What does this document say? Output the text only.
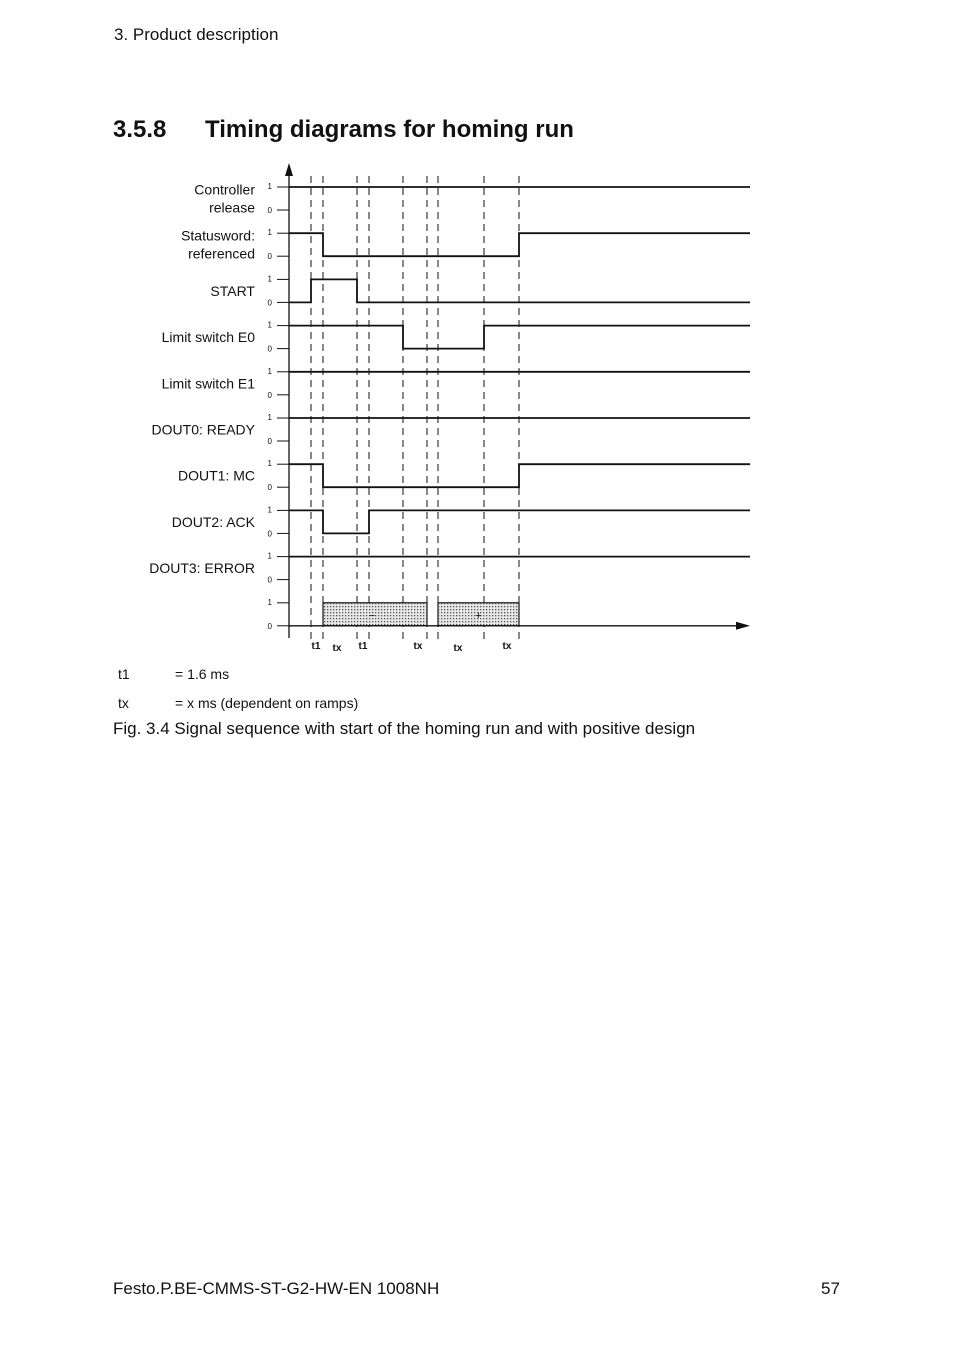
3. Product description
3.5.8 Timing diagrams for homing run
Controller
release
1
0
Statusword:
referenced
1
0
START
1
0
Limit switch E0
1
0
Limit switch E1
1
0
DOUT0: READY
1
0
DOUT1: MC
1
0
DOUT2: ACK
1
0
DOUT3: ERROR
1
0
1
0
−	+
t1 tx t1	tx	tx	tx
t1	= 1.6 ms
tx	= x ms (dependent on ramps)
Fig. 3.4 Signal sequence with start of the homing run and with positive design
Festo.P.BE-CMMS-ST-G2-HW-EN 1008NH	57
